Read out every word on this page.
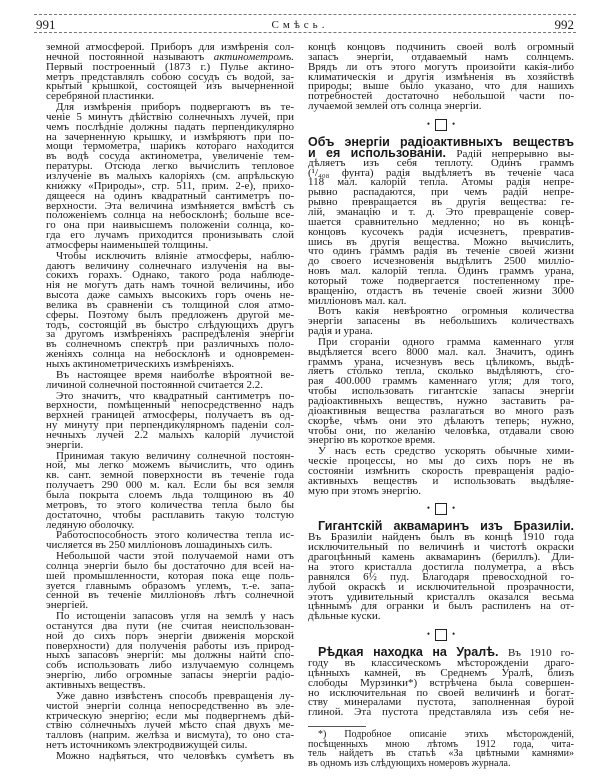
991	Смѣсь.	992
земной атмосферой. Приборъ для измѣренія сол-
нечной постоянной называютъ актинометромъ.
Первый построенный (1873 г.) Пулье актино-
метръ представлялъ собою сосудъ съ водой, за-
крытый крышкой, состоящей изъ вычерненной
серебряной пластинки.
Для измѣренія приборъ подвергаютъ въ те-
ченіе 5 минутъ дѣйствію солнечныхъ лучей, при
чемъ послѣдніе должны падать перпендикулярно
на зачерненную крышку, и измѣряютъ при по-
мощи термометра, шарикъ котораго находится
въ водѣ сосуда актинометра, увеличеніе тем-
пературы. Отсюда легко вычислить тепловое
излученіе въ малыхъ калоріяхъ (см. апрѣльскую
книжку «Природы», стр. 511, прим. 2-е), прихо-
дящееся на одинъ квадратный сантиметръ по-
верхности. Эта величина измѣняется вмѣстѣ съ
положеніемъ солнца на небосклонѣ; больше все-
го она при наивысшемъ положеніи солнца, ко-
гда его лучамъ приходится пронизывать слой
атмосферы наименьшей толщины.
Чтобы исключить вліяніе атмосферы, наблю-
даютъ величину солнечнаго излученія на вы-
сокихъ горахъ. Однако, такого рода наблюде-
нія не могутъ дать намъ точной величины, ибо
высота даже самыхъ высокихъ горъ очень не-
велика въ сравненіи съ толщиной слоя атмо-
сферы. Поэтому былъ предложенъ другой ме-
тодъ, состоящій въ быстро слѣдующихъ другъ
за другомъ измѣреніяхъ распредѣленія энергіи
въ солнечномъ спектрѣ при различныхъ поло-
женіяхъ солнца на небосклонѣ и одновремен-
ныхъ актинометрическихъ измѣреніяхъ.
Въ настоящее время наиболѣе вѣроятной ве-
личиной солнечной постоянной считается 2.2.
Это значитъ, что квадратный сантиметръ по-
верхности, помѣщенный непосредственно надъ
верхней границей атмосферы, получаетъ въ од-
ну минуту при перпендикулярномъ паденіи сол-
нечныхъ лучей 2.2 малыхъ калорій лучистой
энергіи.
Принимая такую величину солнечной постоян-
ной, мы легко можемъ вычислить, что одинъ
кв. сант. земной поверхности въ теченіе года
получаетъ 290 000 м. кал. Если бы вся земля
была покрыта слоемъ льда толщиною въ 40
метровъ, то этого количества тепла было бы
достаточно, чтобы расплавить такую толстую
ледяную оболочку.
Работоспособность этого количества тепла ис-
числяется въ 250 милліоновъ лошадиныхъ силъ.
Небольшой части этой получаемой нами отъ
солнца энергіи было бы достаточно для всей на-
шей промышленности, которая пока еще поль-
зуется главнымъ образомъ углемъ, т.-е. запа-
сенной въ теченіе милліоновъ лѣтъ солнечной
энергіей.
По истощеніи запасовъ угля на землѣ у насъ
останутся два пути (не считая неиспользован-
ной до сихъ поръ энергіи движенія морской
поверхности) для полученія работы изъ природ-
ныхъ запасовъ энергіи: мы должны найти спо-
собъ использовать либо излучаемую солнцемъ
энергію, либо огромные запасы энергіи радіо-
активныхъ веществъ.
Уже давно извѣстенъ способъ превращенія лу-
чистой энергіи солнца непосредственно въ эле-
ктрическую энергію; если мы подвергнемъ дѣй-
ствію солнечныхъ лучей мѣсто спая двухъ ме-
талловъ (наприм. желѣза и висмута), то оно ста-
нетъ источникомъ электродвижущей силы.
Можно надѣяться, что человѣкъ сумѣетъ въ
концѣ концовъ подчинить своей волѣ огромный
запасъ энергіи, отдаваемый намъ солнцемъ.
Врядъ ли отъ этого могутъ произойти какія-либо
климатическія и другія измѣненія въ хозяйствѣ
природы; выше было указано, что для нашихъ
потребностей достаточно небольшой части по-
лучаемой землей отъ солнца энергіи.
• •
Объ энергіи радіоактивныхъ веществъ
и ея использованіи. Радій непрерывно вы-
дѣляетъ изъ себя теплоту. Одинъ граммъ
(¹/₄₀₈ фунта) радія выдѣляетъ въ теченіе часа
118 мал. калорій тепла. Атомы радія непре-
рывно распадаются, при чемъ радій непре-
рывно превращается въ другія вещества: ге-
лій, эманацію и т. д. Это превращеніе совер-
шается сравнительно медленно; но въ концѣ-
концовъ кусочекъ радія исчезнетъ, превратив-
шись въ другія вещества. Можно вычислить,
что одинъ граммъ радія въ теченіе своей жизни
до своего исчезновенія выдѣлитъ 2500 милліо-
новъ мал. калорій тепла. Одинъ граммъ урана,
который тоже подвергается постепенному пре-
вращенію, отдастъ въ теченіе своей жизни 3000
милліоновъ мал. кал.
Вотъ какія невѣроятно огромныя количества
энергіи запасены въ небольшихъ количествахъ
радія и урана.
При сгораніи одного грамма каменнаго угля
выдѣляется всего 8000 мал. кал. Значитъ, одинъ
граммъ урана, исчезнувъ весь цѣликомъ, выдѣ-
ляетъ столько тепла, сколько выдѣляютъ, сго-
рая 400.000 граммъ каменнаго угля; для того,
чтобы использовать гигантскіе запасы энергіи
радіоактивныхъ веществъ, нужно заставить ра-
діоактивныя вещества разлагаться во много разъ
скорѣе, чѣмъ они это дѣлаютъ теперь; нужно,
чтобы они, по желанію человѣка, отдавали свою
энергію въ короткое время.
У насъ есть средство ускорять обычные хими-
ческіе процессы, но мы до сихъ поръ не въ
состояніи измѣнить скорость превращенія радіо-
активныхъ веществъ и использовать выдѣляе-
мую при этомъ энергію.
• •
Гигантскій аквамаринъ изъ Бразиліи.
Въ Бразиліи найденъ былъ въ концѣ 1910 года
исключительный по величинѣ и чистотѣ окраски
драгоцѣнный камень аквамаринъ (бериллъ). Дли-
на этого кристалла достигла полуметра, а вѣсъ
равнялся 6½ пуд. Благодаря превосходной го-
лубой окраскѣ и исключительной прозрачности,
этотъ удивительный кристаллъ оказался весьма
цѣннымъ для огранки и былъ распиленъ на от-
дѣльные куски.
• •
Рѣдкая находка на Уралѣ. Въ 1910 го-
году въ классическомъ мѣсторожденіи драго-
цѣнныхъ камней, въ Среднемъ Уралѣ, близъ
слободы Мурзинки*) встрѣчена была совершен-
но исключительная по своей величинѣ и богат-
ству минералами пустота, заполненная бурой
глиной. Эта пустота представляла изъ себя не-
*) Подробное описаніе этихъ мѣсторожденій,
посѣщенныхъ мною лѣтомъ 1912 года, чита-
тель найдетъ въ статьѣ «За цвѣтными камнями»
въ одномъ изъ слѣдующихъ номеровъ журнала.
